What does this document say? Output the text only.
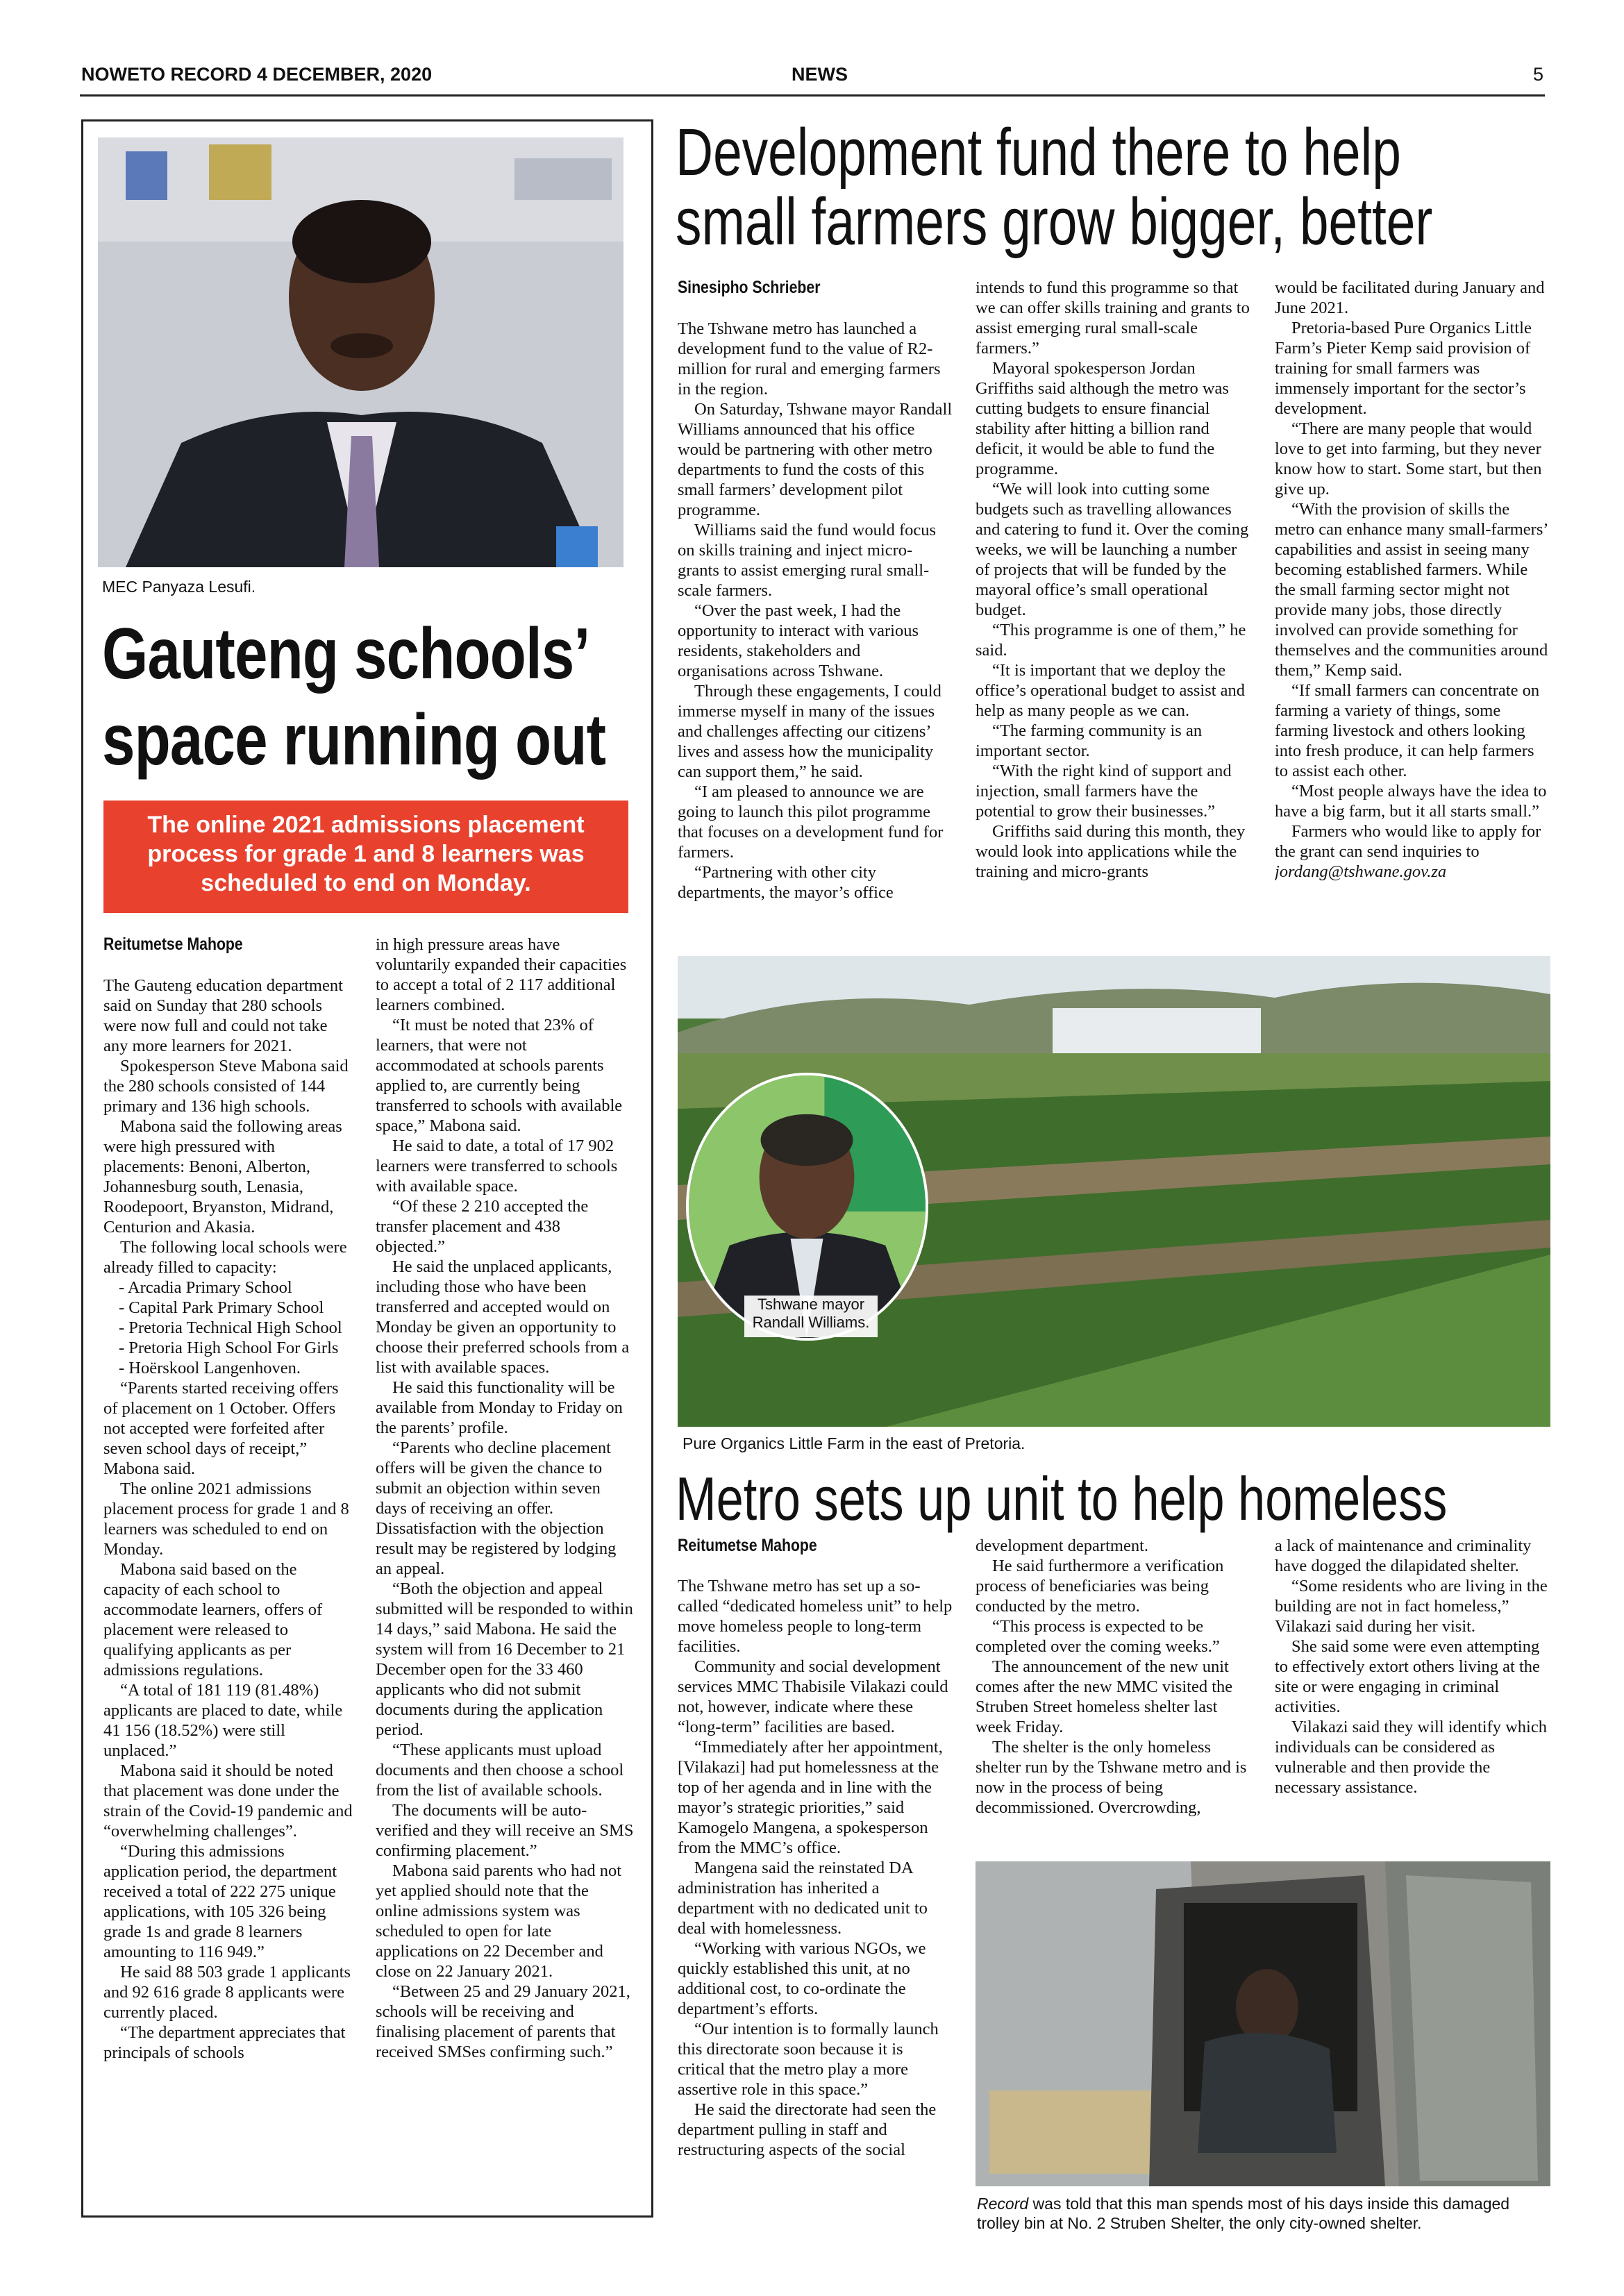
NOWETO RECORD 4 DECEMBER, 2020	NEWS	5
MEC Panyaza Lesufi.
Gauteng schools’
space running out
The online 2021 admissions placement process for grade 1 and 8 learners was scheduled to end on Monday.
Reitumetse Mahope

The Gauteng education department said on Sunday that 280 schools were now full and could not take any more learners for 2021.

Spokesperson Steve Mabona said the 280 schools consisted of 144 primary and 136 high schools.

Mabona said the following areas were high pressured with placements: Benoni, Alberton, Johannesburg south, Lenasia, Roodepoort, Bryanston, Midrand, Centurion and Akasia.

The following local schools were already filled to capacity:

- Arcadia Primary School

- Capital Park Primary School

- Pretoria Technical High School

- Pretoria High School For Girls

- Hoërskool Langenhoven.

“Parents started receiving offers of placement on 1 October. Offers not accepted were forfeited after seven school days of receipt,” Mabona said.

The online 2021 admissions placement process for grade 1 and 8 learners was scheduled to end on Monday.

Mabona said based on the capacity of each school to accommodate learners, offers of placement were released to qualifying applicants as per admissions regulations.

“A total of 181 119 (81.48%) applicants are placed to date, while 41 156 (18.52%) were still unplaced.”

Mabona said it should be noted that placement was done under the strain of the Covid-19 pandemic and “overwhelming challenges”.

“During this admissions application period, the department received a total of 222 275 unique applications, with 105 326 being grade 1s and grade 8 learners amounting to 116 949.”

He said 88 503 grade 1 applicants and 92 616 grade 8 applicants were currently placed.

“The department appreciates that principals of schools

in high pressure areas have voluntarily expanded their capacities to accept a total of 2 117 additional learners combined.

“It must be noted that 23% of learners, that were not accommodated at schools parents applied to, are currently being transferred to schools with available space,” Mabona said.

He said to date, a total of 17 902 learners were transferred to schools with available space.

“Of these 2 210 accepted the transfer placement and 438 objected.”

He said the unplaced applicants, including those who have been transferred and accepted would on Monday be given an opportunity to choose their preferred schools from a list with available spaces.

He said this functionality will be available from Monday to Friday on the parents’ profile.

“Parents who decline placement offers will be given the chance to submit an objection within seven days of receiving an offer. Dissatisfaction with the objection result may be registered by lodging an appeal.

“Both the objection and appeal submitted will be responded to within 14 days,” said Mabona. He said the system will from 16 December to 21 December open for the 33 460 applicants who did not submit documents during the application period.

“These applicants must upload documents and then choose a school from the list of available schools.

The documents will be auto-verified and they will receive an SMS confirming placement.”

Mabona said parents who had not yet applied should note that the online admissions system was scheduled to open for late applications on 22 December and close on 22 January 2021.

“Between 25 and 29 January 2021, schools will be receiving and finalising placement of parents that received SMSes confirming such.”

Development fund there to help
small farmers grow bigger, better
Sinesipho Schrieber

The Tshwane metro has launched a development fund to the value of R2-million for rural and emerging farmers in the region.

On Saturday, Tshwane mayor Randall Williams announced that his office would be partnering with other metro departments to fund the costs of this small farmers’ development pilot programme.

Williams said the fund would focus on skills training and inject micro-grants to assist emerging rural small-scale farmers.

“Over the past week, I had the opportunity to interact with various residents, stakeholders and organisations across Tshwane.

Through these engagements, I could immerse myself in many of the issues and challenges affecting our citizens’ lives and assess how the municipality can support them,” he said.

“I am pleased to announce we are going to launch this pilot programme that focuses on a development fund for farmers.

“Partnering with other city departments, the mayor’s office

intends to fund this programme so that we can offer skills training and grants to assist emerging rural small-scale farmers.”

Mayoral spokesperson Jordan Griffiths said although the metro was cutting budgets to ensure financial stability after hitting a billion rand deficit, it would be able to fund the programme.

“We will look into cutting some budgets such as travelling allowances and catering to fund it. Over the coming weeks, we will be launching a number of projects that will be funded by the mayoral office’s small operational budget.

“This programme is one of them,” he said.

“It is important that we deploy the office’s operational budget to assist and help as many people as we can.

“The farming community is an important sector.

“With the right kind of support and injection, small farmers have the potential to grow their businesses.”

Griffiths said during this month, they would look into applications while the training and micro-grants

would be facilitated during January and June 2021.

Pretoria-based Pure Organics Little Farm’s Pieter Kemp said provision of training for small farmers was immensely important for the sector’s development.

“There are many people that would love to get into farming, but they never know how to start. Some start, but then give up.

“With the provision of skills the metro can enhance many small-farmers’ capabilities and assist in seeing many becoming established farmers. While the small farming sector might not provide many jobs, those directly involved can provide something for themselves and the communities around them,” Kemp said.

“If small farmers can concentrate on farming a variety of things, some farming livestock and others looking into fresh produce, it can help farmers to assist each other.

“Most people always have the idea to have a big farm, but it all starts small.”

Farmers who would like to apply for the grant can send inquiries to

jordang@tshwane.gov.za

Tshwane mayor Randall Williams.
Pure Organics Little Farm in the east of Pretoria.
Metro sets up unit to help homeless
Reitumetse Mahope

The Tshwane metro has set up a so-called “dedicated homeless unit” to help move homeless people to long-term facilities.

Community and social development services MMC Thabisile Vilakazi could not, however, indicate where these “long-term” facilities are based.

“Immediately after her appointment, [Vilakazi] had put homelessness at the top of her agenda and in line with the mayor’s strategic priorities,” said Kamogelo Mangena, a spokesperson from the MMC’s office.

Mangena said the reinstated DA administration has inherited a department with no dedicated unit to deal with homelessness.

“Working with various NGOs, we quickly established this unit, at no additional cost, to co-ordinate the department’s efforts.

“Our intention is to formally launch this directorate soon because it is critical that the metro play a more assertive role in this space.”

He said the directorate had seen the department pulling in staff and restructuring aspects of the social

development department.

He said furthermore a verification process of beneficiaries was being conducted by the metro.

“This process is expected to be completed over the coming weeks.”

The announcement of the new unit comes after the new MMC visited the Struben Street homeless shelter last week Friday.

The shelter is the only homeless shelter run by the Tshwane metro and is now in the process of being decommissioned. Overcrowding,

a lack of maintenance and criminality have dogged the dilapidated shelter.

“Some residents who are living in the building are not in fact homeless,” Vilakazi said during her visit.

She said some were even attempting to effectively extort others living at the site or were engaging in criminal activities.

Vilakazi said they will identify which individuals can be considered as vulnerable and then provide the necessary assistance.

Record was told that this man spends most of his days inside this damaged trolley bin at No. 2 Struben Shelter, the only city-owned shelter.
